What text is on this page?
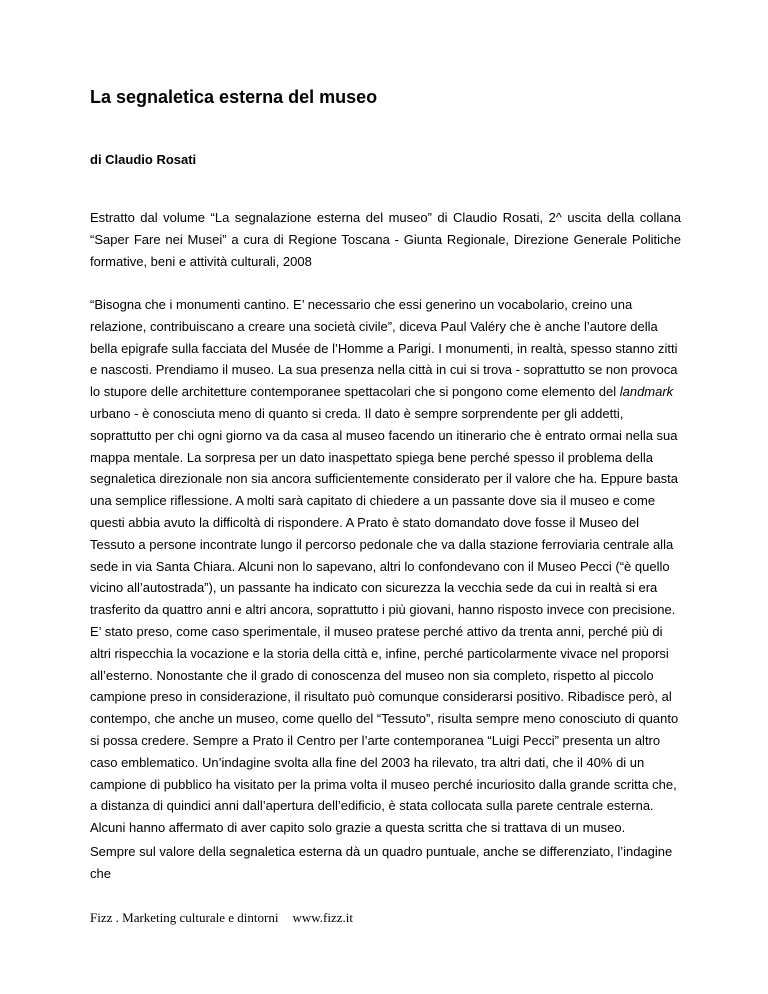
La segnaletica esterna del museo

di Claudio Rosati

Estratto dal volume “La segnalazione esterna del museo” di Claudio Rosati, 2^ uscita della collana “Saper Fare nei Musei” a cura di Regione Toscana - Giunta Regionale, Direzione Generale Politiche formative, beni e attività culturali, 2008

“Bisogna che i monumenti cantino. E’ necessario che essi generino un vocabolario, creino una relazione, contribuiscano a creare una società civile”, diceva Paul Valéry che è anche l’autore della bella epigrafe sulla facciata del Musée de l’Homme a Parigi. I monumenti, in realtà, spesso stanno zitti e nascosti. Prendiamo il museo. La sua presenza nella città in cui si trova - soprattutto se non provoca lo stupore delle architetture contemporanee spettacolari che si pongono come elemento del landmark urbano - è conosciuta meno di quanto si creda. Il dato è sempre sorprendente per gli addetti, soprattutto per chi ogni giorno va da casa al museo facendo un itinerario che è entrato ormai nella sua mappa mentale. La sorpresa per un dato inaspettato spiega bene perché spesso il problema della segnaletica direzionale non sia ancora sufficientemente considerato per il valore che ha. Eppure basta una semplice riflessione. A molti sarà capitato di chiedere a un passante dove sia il museo e come questi abbia avuto la difficoltà di rispondere. A Prato è stato domandato dove fosse il Museo del Tessuto a persone incontrate lungo il percorso pedonale che va dalla stazione ferroviaria centrale alla sede in via Santa Chiara. Alcuni non lo sapevano, altri lo confondevano con il Museo Pecci (“è quello vicino all’autostrada”), un passante ha indicato con sicurezza la vecchia sede da cui in realtà si era trasferito da quattro anni e altri ancora, soprattutto i più giovani, hanno risposto invece con precisione. E’ stato preso, come caso sperimentale, il museo pratese perché attivo da trenta anni, perché più di altri rispecchia la vocazione e la storia della città e, infine, perché particolarmente vivace nel proporsi all’esterno. Nonostante che il grado di conoscenza del museo non sia completo, rispetto al piccolo campione preso in considerazione, il risultato può comunque considerarsi positivo. Ribadisce però, al contempo, che anche un museo, come quello del “Tessuto”, risulta sempre meno conosciuto di quanto si possa credere. Sempre a Prato il Centro per l’arte contemporanea “Luigi Pecci” presenta un altro caso emblematico. Un’indagine svolta alla fine del 2003 ha rilevato, tra altri dati, che il 40% di un campione di pubblico ha visitato per la prima volta il museo perché incuriosito dalla grande scritta che, a distanza di quindici anni dall’apertura dell’edificio, è stata collocata sulla parete centrale esterna. Alcuni hanno affermato di aver capito solo grazie a questa scritta che si trattava di un museo.

Sempre sul valore della segnaletica esterna dà un quadro puntuale, anche se differenziato, l’indagine che

Fizz . Marketing culturale e dintorni www.fizz.it
